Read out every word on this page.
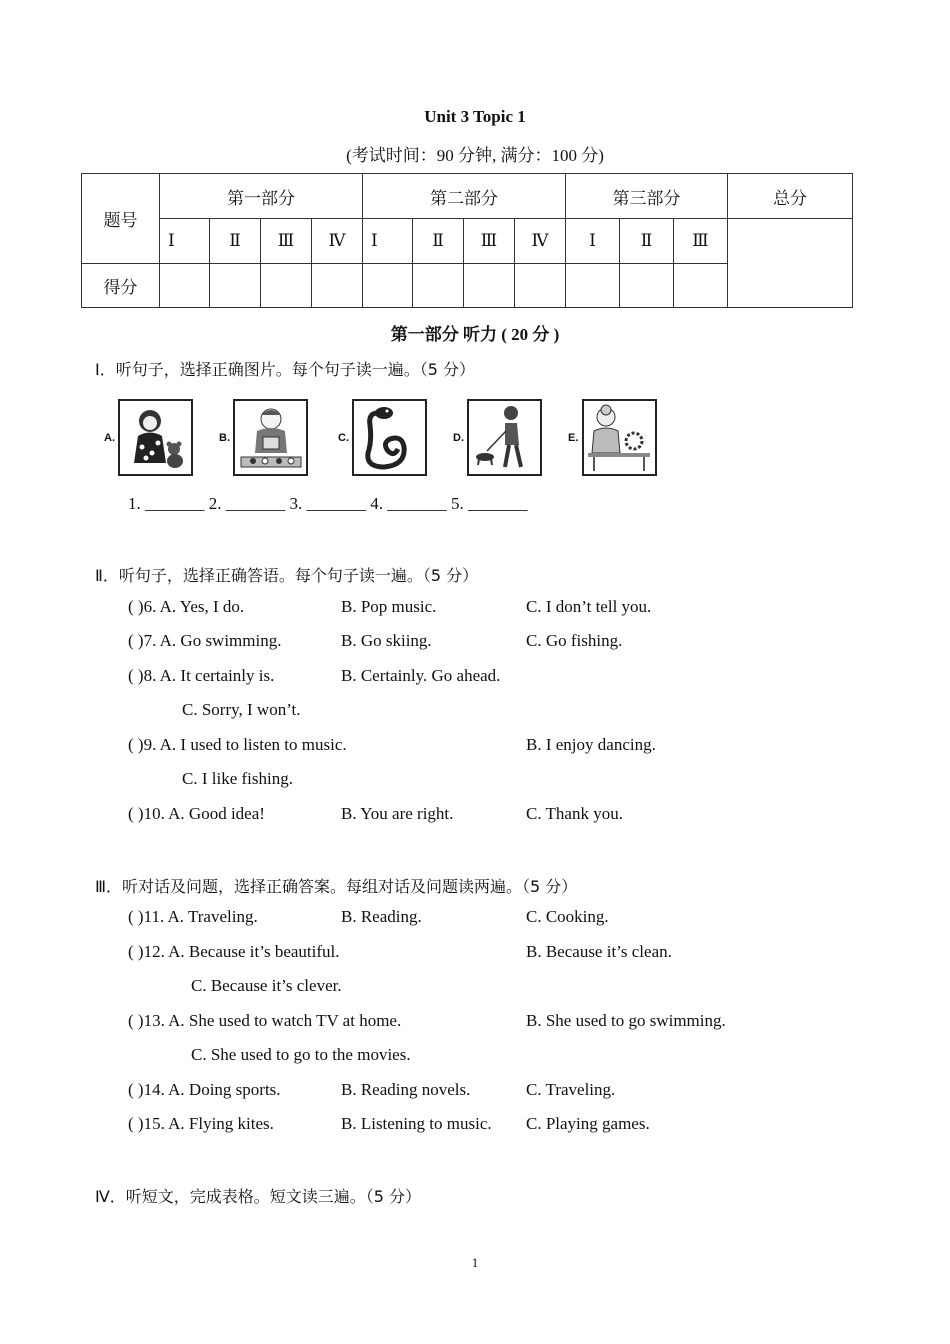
Unit 3 Topic 1
(考试时间：90 分钟, 满分：100 分)
题号	第一部分				第二部分				第三部分			总分
	Ⅰ	Ⅱ	Ⅲ	Ⅳ	Ⅰ	Ⅱ	Ⅲ	Ⅳ	Ⅰ	Ⅱ	Ⅲ	
得分												
第一部分 听力 ( 20 分 )
Ⅰ．听句子，选择正确图片。每个句子读一遍。（5 分）
A.	B.	C.	D.	E.
1. _______ 2. _______ 3. _______ 4. _______ 5. _______
Ⅱ．听句子，选择正确答语。每个句子读一遍。（5 分）
( )6. A. Yes, I do.	B. Pop music.	C. I don’t tell you.
( )7. A. Go swimming.	B. Go skiing.	C. Go fishing.
( )8. A. It certainly is.	B. Certainly. Go ahead.
C. Sorry, I won’t.
( )9. A. I used to listen to music.	B. I enjoy dancing.
C. I like fishing.
( )10. A. Good idea!	B. You are right.	C. Thank you.
Ⅲ．听对话及问题，选择正确答案。每组对话及问题读两遍。（5 分）
( )11. A. Traveling.	B. Reading.	C. Cooking.
( )12. A. Because it’s beautiful.	B. Because it’s clean.
C. Because it’s clever.
( )13. A. She used to watch TV at home.	B. She used to go swimming.
C. She used to go to the movies.
( )14. A. Doing sports.	B. Reading novels.	C. Traveling.
( )15. A. Flying kites.	B. Listening to music. C. Playing games.
Ⅳ．听短文，完成表格。短文读三遍。（5 分）
1
